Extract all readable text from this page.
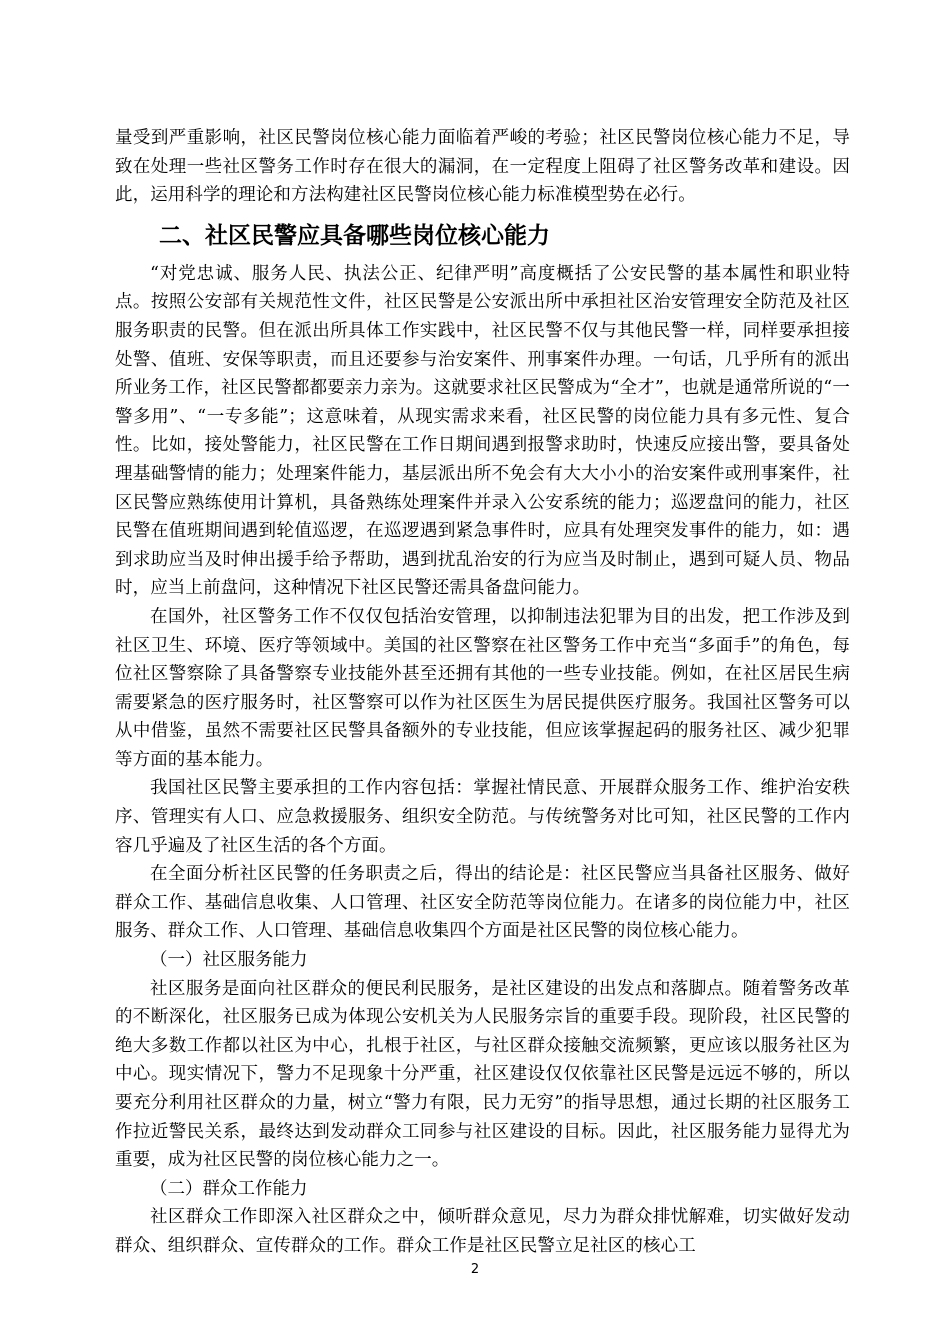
量受到严重影响，社区民警岗位核心能力面临着严峻的考验；社区民警岗位核心能力不足，导致在处理一些社区警务工作时存在很大的漏洞，在一定程度上阻碍了社区警务改革和建设。因此，运用科学的理论和方法构建社区民警岗位核心能力标准模型势在必行。

二、社区民警应具备哪些岗位核心能力

“对党忠诚、服务人民、执法公正、纪律严明”高度概括了公安民警的基本属性和职业特点。按照公安部有关规范性文件，社区民警是公安派出所中承担社区治安管理安全防范及社区服务职责的民警。但在派出所具体工作实践中，社区民警不仅与其他民警一样，同样要承担接处警、值班、安保等职责，而且还要参与治安案件、刑事案件办理。一句话，几乎所有的派出所业务工作，社区民警都都要亲力亲为。这就要求社区民警成为“全才”，也就是通常所说的“一警多用”、“一专多能”；这意味着，从现实需求来看，社区民警的岗位能力具有多元性、复合性。比如，接处警能力，社区民警在工作日期间遇到报警求助时，快速反应接出警，要具备处理基础警情的能力；处理案件能力，基层派出所不免会有大大小小的治安案件或刑事案件，社区民警应熟练使用计算机，具备熟练处理案件并录入公安系统的能力；巡逻盘问的能力，社区民警在值班期间遇到轮值巡逻，在巡逻遇到紧急事件时，应具有处理突发事件的能力，如：遇到求助应当及时伸出援手给予帮助，遇到扰乱治安的行为应当及时制止，遇到可疑人员、物品时，应当上前盘问，这种情况下社区民警还需具备盘问能力。

在国外，社区警务工作不仅仅包括治安管理，以抑制违法犯罪为目的出发，把工作涉及到社区卫生、环境、医疗等领域中。美国的社区警察在社区警务工作中充当“多面手”的角色，每位社区警察除了具备警察专业技能外甚至还拥有其他的一些专业技能。例如，在社区居民生病需要紧急的医疗服务时，社区警察可以作为社区医生为居民提供医疗服务。我国社区警务可以从中借鉴，虽然不需要社区民警具备额外的专业技能，但应该掌握起码的服务社区、减少犯罪等方面的基本能力。

我国社区民警主要承担的工作内容包括：掌握社情民意、开展群众服务工作、维护治安秩序、管理实有人口、应急救援服务、组织安全防范。与传统警务对比可知，社区民警的工作内容几乎遍及了社区生活的各个方面。

在全面分析社区民警的任务职责之后，得出的结论是：社区民警应当具备社区服务、做好群众工作、基础信息收集、人口管理、社区安全防范等岗位能力。在诸多的岗位能力中，社区服务、群众工作、人口管理、基础信息收集四个方面是社区民警的岗位核心能力。

（一）社区服务能力

社区服务是面向社区群众的便民利民服务，是社区建设的出发点和落脚点。随着警务改革的不断深化，社区服务已成为体现公安机关为人民服务宗旨的重要手段。现阶段，社区民警的绝大多数工作都以社区为中心，扎根于社区，与社区群众接触交流频繁，更应该以服务社区为中心。现实情况下，警力不足现象十分严重，社区建设仅仅依靠社区民警是远远不够的，所以要充分利用社区群众的力量，树立“警力有限，民力无穷”的指导思想，通过长期的社区服务工作拉近警民关系，最终达到发动群众工同参与社区建设的目标。因此，社区服务能力显得尤为重要，成为社区民警的岗位核心能力之一。

（二）群众工作能力

社区群众工作即深入社区群众之中，倾听群众意见，尽力为群众排忧解难，切实做好发动群众、组织群众、宣传群众的工作。群众工作是社区民警立足社区的核心工

2
